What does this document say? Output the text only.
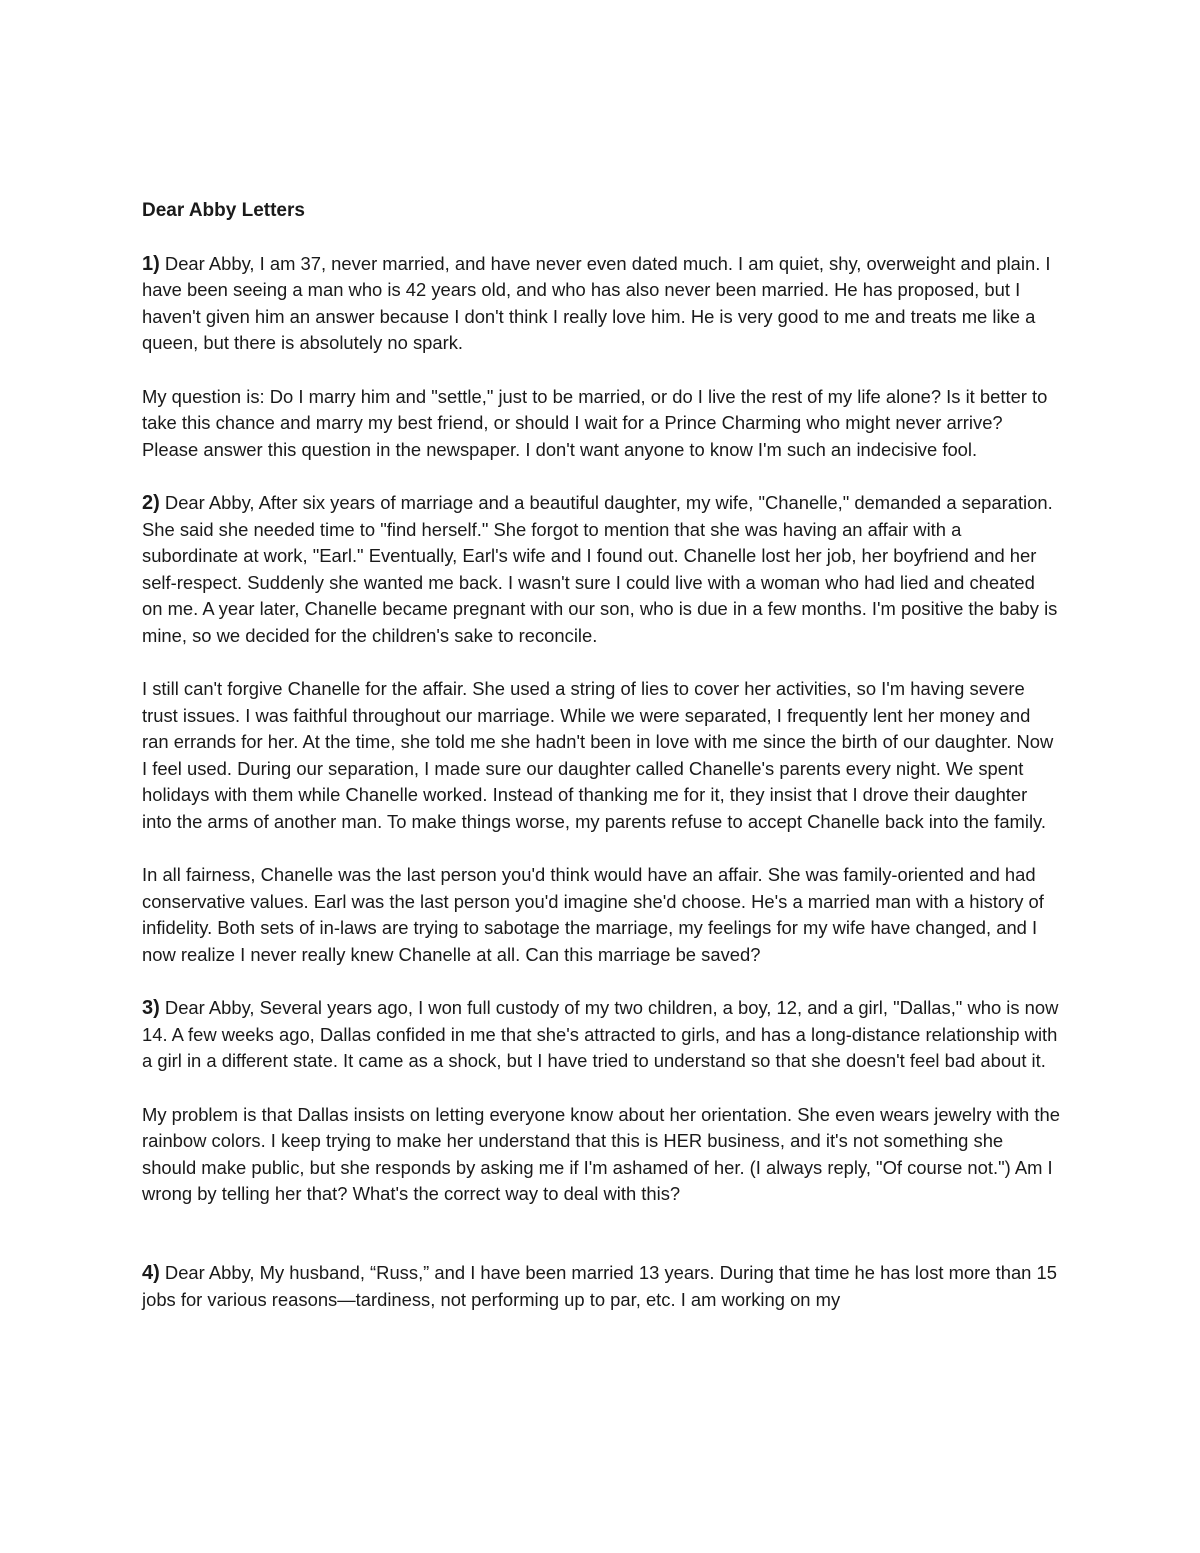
Dear Abby Letters

1) Dear Abby, I am 37, never married, and have never even dated much. I am quiet, shy, overweight and plain. I have been seeing a man who is 42 years old, and who has also never been married. He has proposed, but I haven't given him an answer because I don't think I really love him. He is very good to me and treats me like a queen, but there is absolutely no spark.

My question is: Do I marry him and "settle," just to be married, or do I live the rest of my life alone? Is it better to take this chance and marry my best friend, or should I wait for a Prince Charming who might never arrive? Please answer this question in the newspaper. I don't want anyone to know I'm such an indecisive fool.

2) Dear Abby, After six years of marriage and a beautiful daughter, my wife, "Chanelle," demanded a separation. She said she needed time to "find herself." She forgot to mention that she was having an affair with a subordinate at work, "Earl." Eventually, Earl's wife and I found out. Chanelle lost her job, her boyfriend and her self-respect. Suddenly she wanted me back. I wasn't sure I could live with a woman who had lied and cheated on me. A year later, Chanelle became pregnant with our son, who is due in a few months. I'm positive the baby is mine, so we decided for the children's sake to reconcile.

I still can't forgive Chanelle for the affair. She used a string of lies to cover her activities, so I'm having severe trust issues. I was faithful throughout our marriage. While we were separated, I frequently lent her money and ran errands for her. At the time, she told me she hadn't been in love with me since the birth of our daughter. Now I feel used. During our separation, I made sure our daughter called Chanelle's parents every night. We spent holidays with them while Chanelle worked. Instead of thanking me for it, they insist that I drove their daughter into the arms of another man. To make things worse, my parents refuse to accept Chanelle back into the family.

In all fairness, Chanelle was the last person you'd think would have an affair. She was family-oriented and had conservative values. Earl was the last person you'd imagine she'd choose. He's a married man with a history of infidelity. Both sets of in-laws are trying to sabotage the marriage, my feelings for my wife have changed, and I now realize I never really knew Chanelle at all. Can this marriage be saved?

3) Dear Abby, Several years ago, I won full custody of my two children, a boy, 12, and a girl, "Dallas," who is now 14. A few weeks ago, Dallas confided in me that she's attracted to girls, and has a long-distance relationship with a girl in a different state. It came as a shock, but I have tried to understand so that she doesn't feel bad about it.

My problem is that Dallas insists on letting everyone know about her orientation. She even wears jewelry with the rainbow colors. I keep trying to make her understand that this is HER business, and it's not something she should make public, but she responds by asking me if I'm ashamed of her. (I always reply, "Of course not.") Am I wrong by telling her that? What's the correct way to deal with this?

4) Dear Abby, My husband, “Russ,” and I have been married 13 years. During that time he has lost more than 15 jobs for various reasons—tardiness, not performing up to par, etc. I am working on my
